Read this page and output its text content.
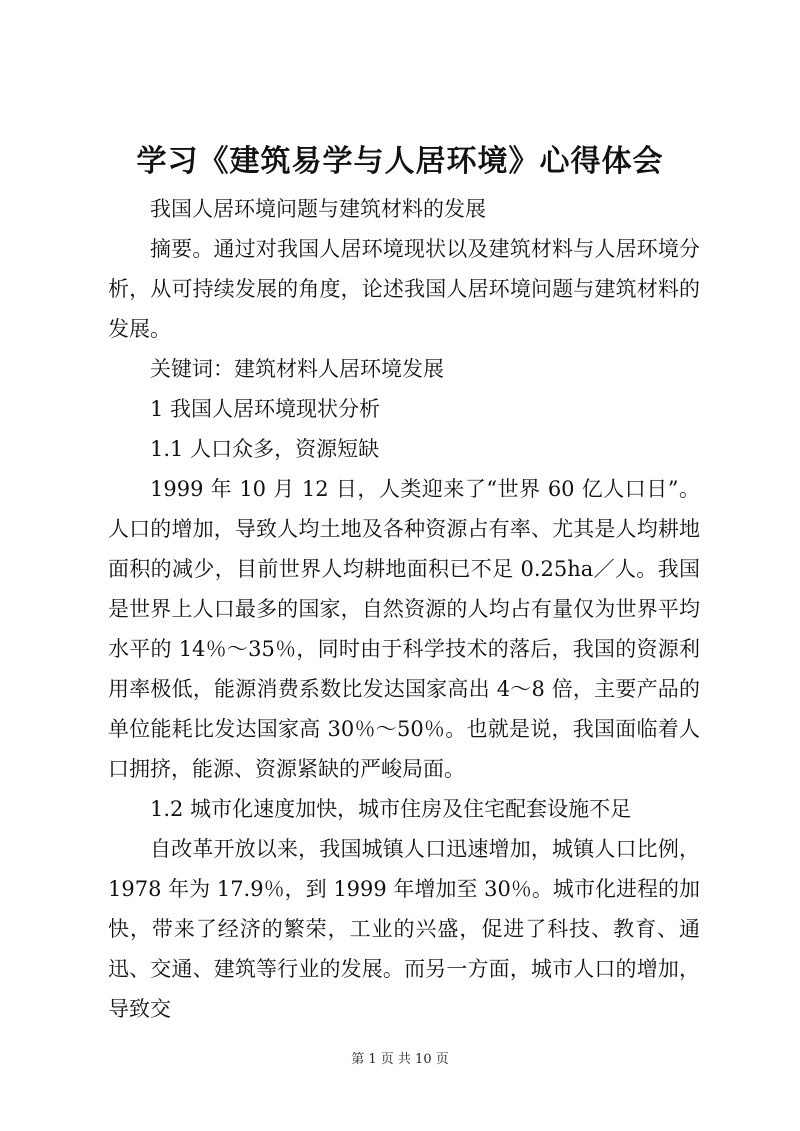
学习《建筑易学与人居环境》心得体会

我国人居环境问题与建筑材料的发展

摘要。通过对我国人居环境现状以及建筑材料与人居环境分析，从可持续发展的角度，论述我国人居环境问题与建筑材料的发展。

关键词：建筑材料人居环境发展

1 我国人居环境现状分析

1.1 人口众多，资源短缺

1999 年 10 月 12 日，人类迎来了“世界 60 亿人口日”。人口的增加，导致人均土地及各种资源占有率、尤其是人均耕地面积的减少，目前世界人均耕地面积已不足 0.25ha／人。我国是世界上人口最多的国家，自然资源的人均占有量仅为世界平均水平的 14％～35％，同时由于科学技术的落后，我国的资源利用率极低，能源消费系数比发达国家高出 4～8 倍，主要产品的单位能耗比发达国家高 30％～50％。也就是说，我国面临着人口拥挤，能源、资源紧缺的严峻局面。

1.2 城市化速度加快，城市住房及住宅配套设施不足

自改革开放以来，我国城镇人口迅速增加，城镇人口比例，1978 年为 17.9％，到 1999 年增加至 30％。城市化进程的加快，带来了经济的繁荣，工业的兴盛，促进了科技、教育、通迅、交通、建筑等行业的发展。而另一方面，城市人口的增加，导致交

第 1 页 共 10 页
